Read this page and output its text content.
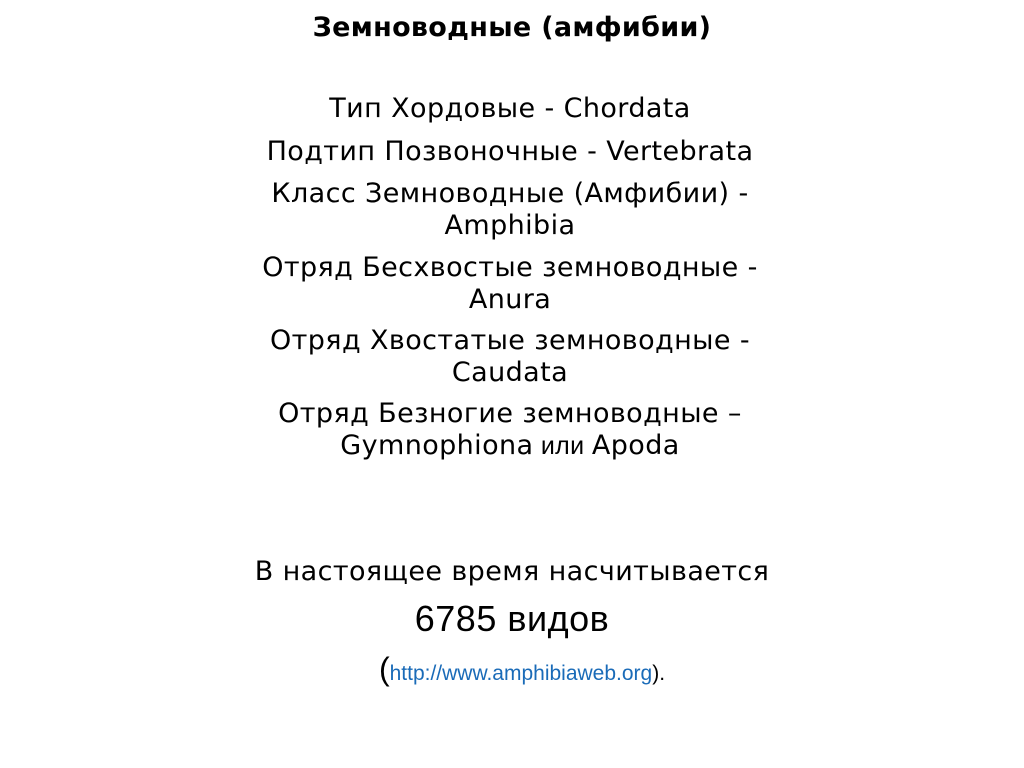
Земноводные (амфибии)
Тип Хордовые - Chordata
Подтип Позвоночные - Vertebrata
Класс Земноводные (Амфибии) -
Amphibia
Отряд Бесхвостые земноводные -
Anura
Отряд Хвостатые земноводные -
Caudata
Отряд Безногие земноводные –
Gymnophiona или Apoda
В настоящее время насчитывается
6785 видов
(http://www.amphibiaweb.org).
